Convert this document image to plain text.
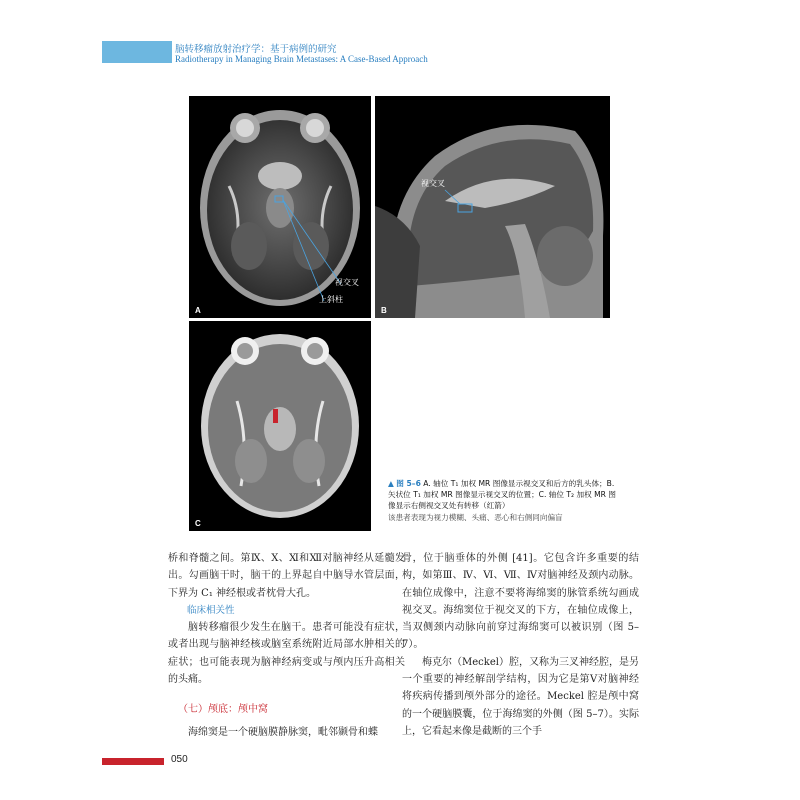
脑转移瘤放射治疗学：基于病例的研究
Radiotherapy in Managing Brain Metastases: A Case-Based Approach
视交叉
上斜柱
A
视交叉
B
C
▲ 图 5–6 A. 轴位 T₁ 加权 MR 图像显示视交叉和后方的乳头体；B. 矢状位 T₁ 加权 MR 图像显示视交叉的位置；C. 轴位 T₂ 加权 MR 图像显示右侧视交叉处有转移（红箭）
该患者表现为视力模糊、头痛、恶心和右侧同向偏盲

桥和脊髓之间。第Ⅸ、Ⅹ、Ⅺ和Ⅻ对脑神经从延髓发出。勾画脑干时，脑干的上界起自中脑导水管层面，下界为 C₁ 神经根或者枕骨大孔。

临床相关性

脑转移瘤很少发生在脑干。患者可能没有症状，或者出现与脑神经核或脑室系统附近局部水肿相关的症状；也可能表现为脑神经病变或与颅内压升高相关的头痛。

（七）颅底：颅中窝

海绵窦是一个硬脑膜静脉窦，毗邻颞骨和蝶

骨，位于脑垂体的外侧 [41]。它包含许多重要的结构，如第Ⅲ、Ⅳ、Ⅵ、Ⅶ、Ⅳ对脑神经及颈内动脉。在轴位成像中，注意不要将海绵窦的脉管系统勾画成视交叉。海绵窦位于视交叉的下方，在轴位成像上，当双侧颈内动脉向前穿过海绵窦可以被识别（图 5–7）。

梅克尔（Meckel）腔，又称为三叉神经腔，是另一个重要的神经解剖学结构，因为它是第Ⅴ对脑神经将疾病传播到颅外部分的途径。Meckel 腔是颅中窝的一个硬脑膜囊，位于海绵窦的外侧（图 5–7）。实际上，它看起来像是截断的三个手

050
